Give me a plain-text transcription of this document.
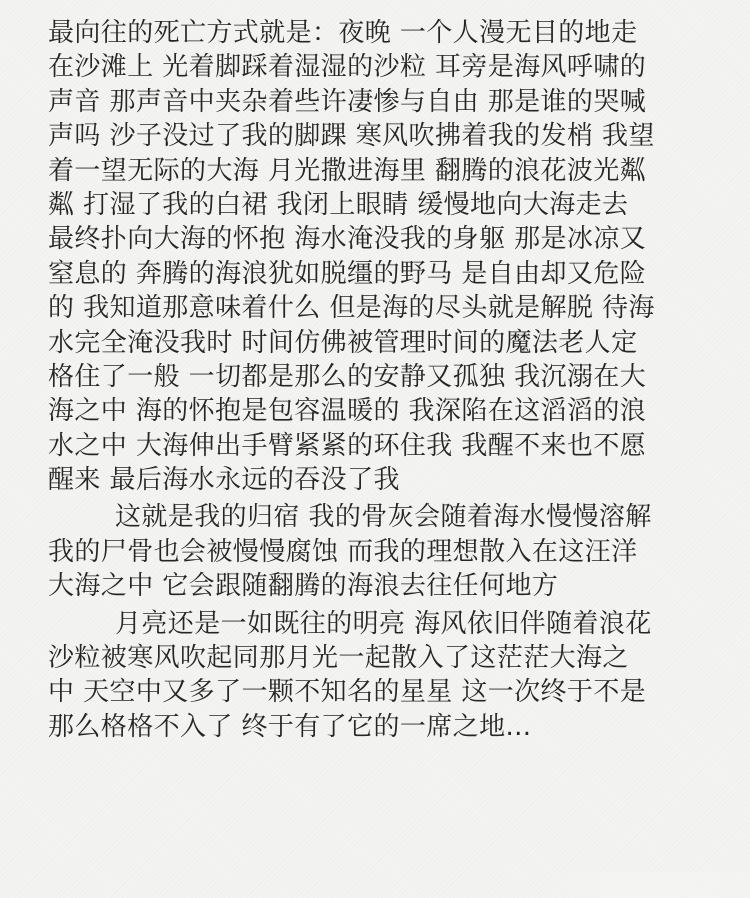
最向往的死亡方式就是：夜晚 一个人漫无目的地走
在沙滩上 光着脚踩着湿湿的沙粒 耳旁是海风呼啸的
声音 那声音中夹杂着些许凄惨与自由 那是谁的哭喊
声吗 沙子没过了我的脚踝 寒风吹拂着我的发梢 我望
着一望无际的大海 月光撒进海里 翻腾的浪花波光粼
粼 打湿了我的白裙 我闭上眼睛 缓慢地向大海走去
最终扑向大海的怀抱 海水淹没我的身躯 那是冰凉又
窒息的 奔腾的海浪犹如脱缰的野马 是自由却又危险
的 我知道那意味着什么 但是海的尽头就是解脱 待海
水完全淹没我时 时间仿佛被管理时间的魔法老人定
格住了一般 一切都是那么的安静又孤独 我沉溺在大
海之中 海的怀抱是包容温暖的 我深陷在这滔滔的浪
水之中 大海伸出手臂紧紧的环住我 我醒不来也不愿
醒来 最后海水永远的吞没了我
这就是我的归宿 我的骨灰会随着海水慢慢溶解
我的尸骨也会被慢慢腐蚀 而我的理想散入在这汪洋
大海之中 它会跟随翻腾的海浪去往任何地方
月亮还是一如既往的明亮 海风依旧伴随着浪花
沙粒被寒风吹起同那月光一起散入了这茫茫大海之
中 天空中又多了一颗不知名的星星 这一次终于不是
那么格格不入了 终于有了它的一席之地...
